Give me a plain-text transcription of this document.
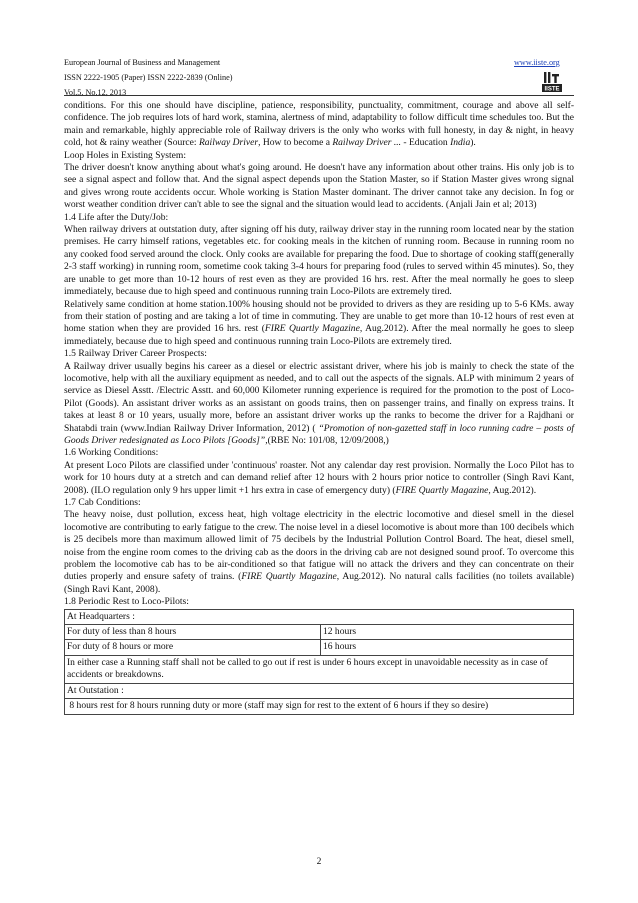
European Journal of Business and Management
ISSN 2222-1905 (Paper) ISSN 2222-2839 (Online)
Vol.5, No.12, 2013
www.iiste.org
IISTE

conditions. For this one should have discipline, patience, responsibility, punctuality, commitment, courage and above all self-confidence. The job requires lots of hard work, stamina, alertness of mind, adaptability to follow difficult time schedules too. But the main and remarkable, highly appreciable role of Railway drivers is the only who works with full honesty, in day & night, in heavy cold, hot & rainy weather (Source: Railway Driver, How to become a Railway Driver ... - Education India).

Loop Holes in Existing System:

The driver doesn't know anything about what's going around. He doesn't have any information about other trains. His only job is to see a signal aspect and follow that. And the signal aspect depends upon the Station Master, so if Station Master gives wrong signal and gives wrong route accidents occur. Whole working is Station Master dominant. The driver cannot take any decision. In fog or worst weather condition driver can't able to see the signal and the situation would lead to accidents. (Anjali Jain et al; 2013)

1.4 Life after the Duty/Job:

When railway drivers at outstation duty, after signing off his duty, railway driver stay in the running room located near by the station premises. He carry himself rations, vegetables etc. for cooking meals in the kitchen of running room. Because in running room no any cooked food served around the clock. Only cooks are available for preparing the food. Due to shortage of cooking staff(generally 2-3 staff working) in running room, sometime cook taking 3-4 hours for preparing food (rules to served within 45 minutes). So, they are unable to get more than 10-12 hours of rest even as they are provided 16 hrs. rest. After the meal normally he goes to sleep immediately, because due to high speed and continuous running train Loco-Pilots are extremely tired.

Relatively same condition at home station.100% housing should not be provided to drivers as they are residing up to 5-6 KMs. away from their station of posting and are taking a lot of time in commuting. They are unable to get more than 10-12 hours of rest even at home station when they are provided 16 hrs. rest (FIRE Quartly Magazine, Aug.2012). After the meal normally he goes to sleep immediately, because due to high speed and continuous running train Loco-Pilots are extremely tired.

1.5 Railway Driver Career Prospects:

A Railway driver usually begins his career as a diesel or electric assistant driver, where his job is mainly to check the state of the locomotive, help with all the auxiliary equipment as needed, and to call out the aspects of the signals. ALP with minimum 2 years of service as Diesel Asstt. /Electric Asstt. and 60,000 Kilometer running experience is required for the promotion to the post of Loco-Pilot (Goods). An assistant driver works as an assistant on goods trains, then on passenger trains, and finally on express trains. It takes at least 8 or 10 years, usually more, before an assistant driver works up the ranks to become the driver for a Rajdhani or Shatabdi train (www.Indian Railway Driver Information, 2012) ( “Promotion of non-gazetted staff in loco running cadre – posts of Goods Driver redesignated as Loco Pilots [Goods]”,(RBE No: 101/08, 12/09/2008,)

1.6 Working Conditions:

At present Loco Pilots are classified under 'continuous' roaster. Not any calendar day rest provision. Normally the Loco Pilot has to work for 10 hours duty at a stretch and can demand relief after 12 hours with 2 hours prior notice to controller (Singh Ravi Kant, 2008). (ILO regulation only 9 hrs upper limit +1 hrs extra in case of emergency duty) (FIRE Quartly Magazine, Aug.2012).

1.7 Cab Conditions:

The heavy noise, dust pollution, excess heat, high voltage electricity in the electric locomotive and diesel smell in the diesel locomotive are contributing to early fatigue to the crew. The noise level in a diesel locomotive is about more than 100 decibels which is 25 decibels more than maximum allowed limit of 75 decibels by the Industrial Pollution Control Board. The heat, diesel smell, noise from the engine room comes to the driving cab as the doors in the driving cab are not designed sound proof. To overcome this problem the locomotive cab has to be air-conditioned so that fatigue will no attack the drivers and they can concentrate on their duties properly and ensure safety of trains. (FIRE Quartly Magazine, Aug.2012). No natural calls facilities (no toilets available) (Singh Ravi Kant, 2008).

1.8 Periodic Rest to Loco-Pilots:

At Headquarters :	
For duty of less than 8 hours	12 hours
For duty of 8 hours or more	16 hours
In either case a Running staff shall not be called to go out if rest is under 6 hours except in unavoidable necessity as in case of accidents or breakdowns.	
At Outstation :	
8 hours rest for 8 hours running duty or more (staff may sign for rest to the extent of 6 hours if they so desire)	
2
